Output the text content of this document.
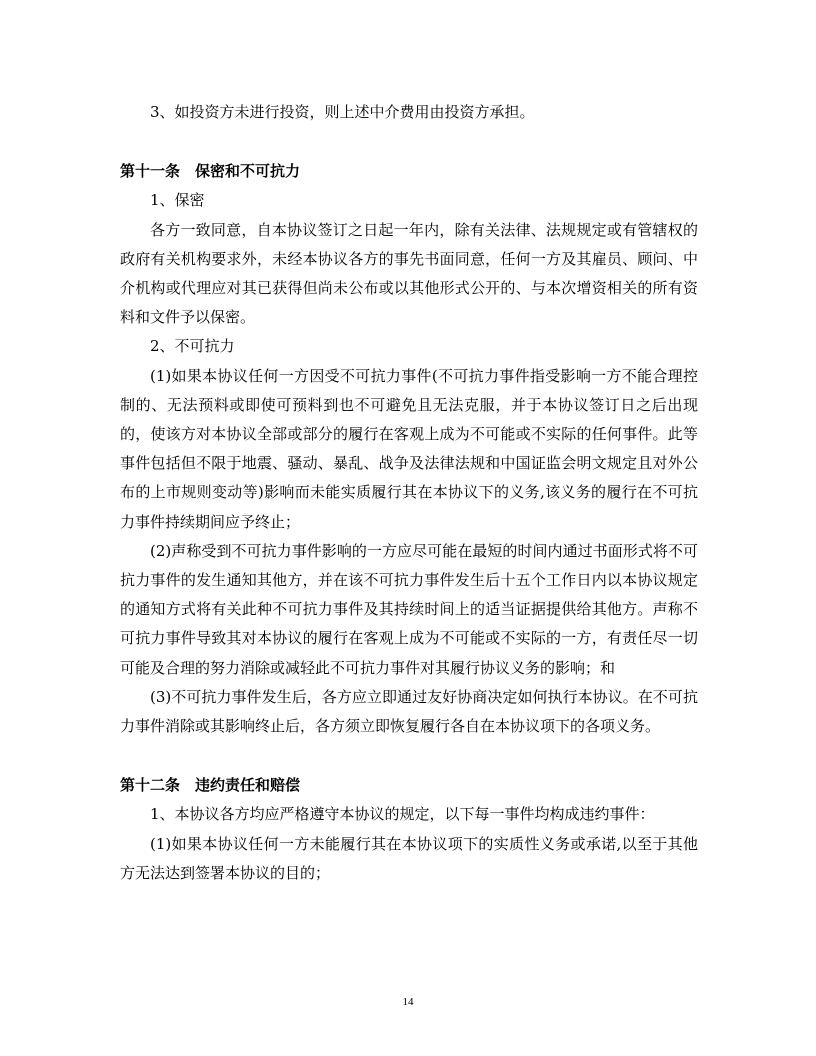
3、如投资方未进行投资，则上述中介费用由投资方承担。

第十一条　保密和不可抗力

1、保密

各方一致同意，自本协议签订之日起一年内，除有关法律、法规规定或有管辖权的政府有关机构要求外，未经本协议各方的事先书面同意，任何一方及其雇员、顾问、中介机构或代理应对其已获得但尚未公布或以其他形式公开的、与本次增资相关的所有资料和文件予以保密。

2、不可抗力

(1)如果本协议任何一方因受不可抗力事件(不可抗力事件指受影响一方不能合理控制的、无法预料或即使可预料到也不可避免且无法克服，并于本协议签订日之后出现的，使该方对本协议全部或部分的履行在客观上成为不可能或不实际的任何事件。此等事件包括但不限于地震、骚动、暴乱、战争及法律法规和中国证监会明文规定且对外公布的上市规则变动等)影响而未能实质履行其在本协议下的义务,该义务的履行在不可抗力事件持续期间应予终止；

(2)声称受到不可抗力事件影响的一方应尽可能在最短的时间内通过书面形式将不可抗力事件的发生通知其他方，并在该不可抗力事件发生后十五个工作日内以本协议规定的通知方式将有关此种不可抗力事件及其持续时间上的适当证据提供给其他方。声称不可抗力事件导致其对本协议的履行在客观上成为不可能或不实际的一方，有责任尽一切可能及合理的努力消除或减轻此不可抗力事件对其履行协议义务的影响；和

(3)不可抗力事件发生后，各方应立即通过友好协商决定如何执行本协议。在不可抗力事件消除或其影响终止后，各方须立即恢复履行各自在本协议项下的各项义务。

第十二条　违约责任和赔偿

1、本协议各方均应严格遵守本协议的规定，以下每一事件均构成违约事件：

(1)如果本协议任何一方未能履行其在本协议项下的实质性义务或承诺,以至于其他方无法达到签署本协议的目的；

14
